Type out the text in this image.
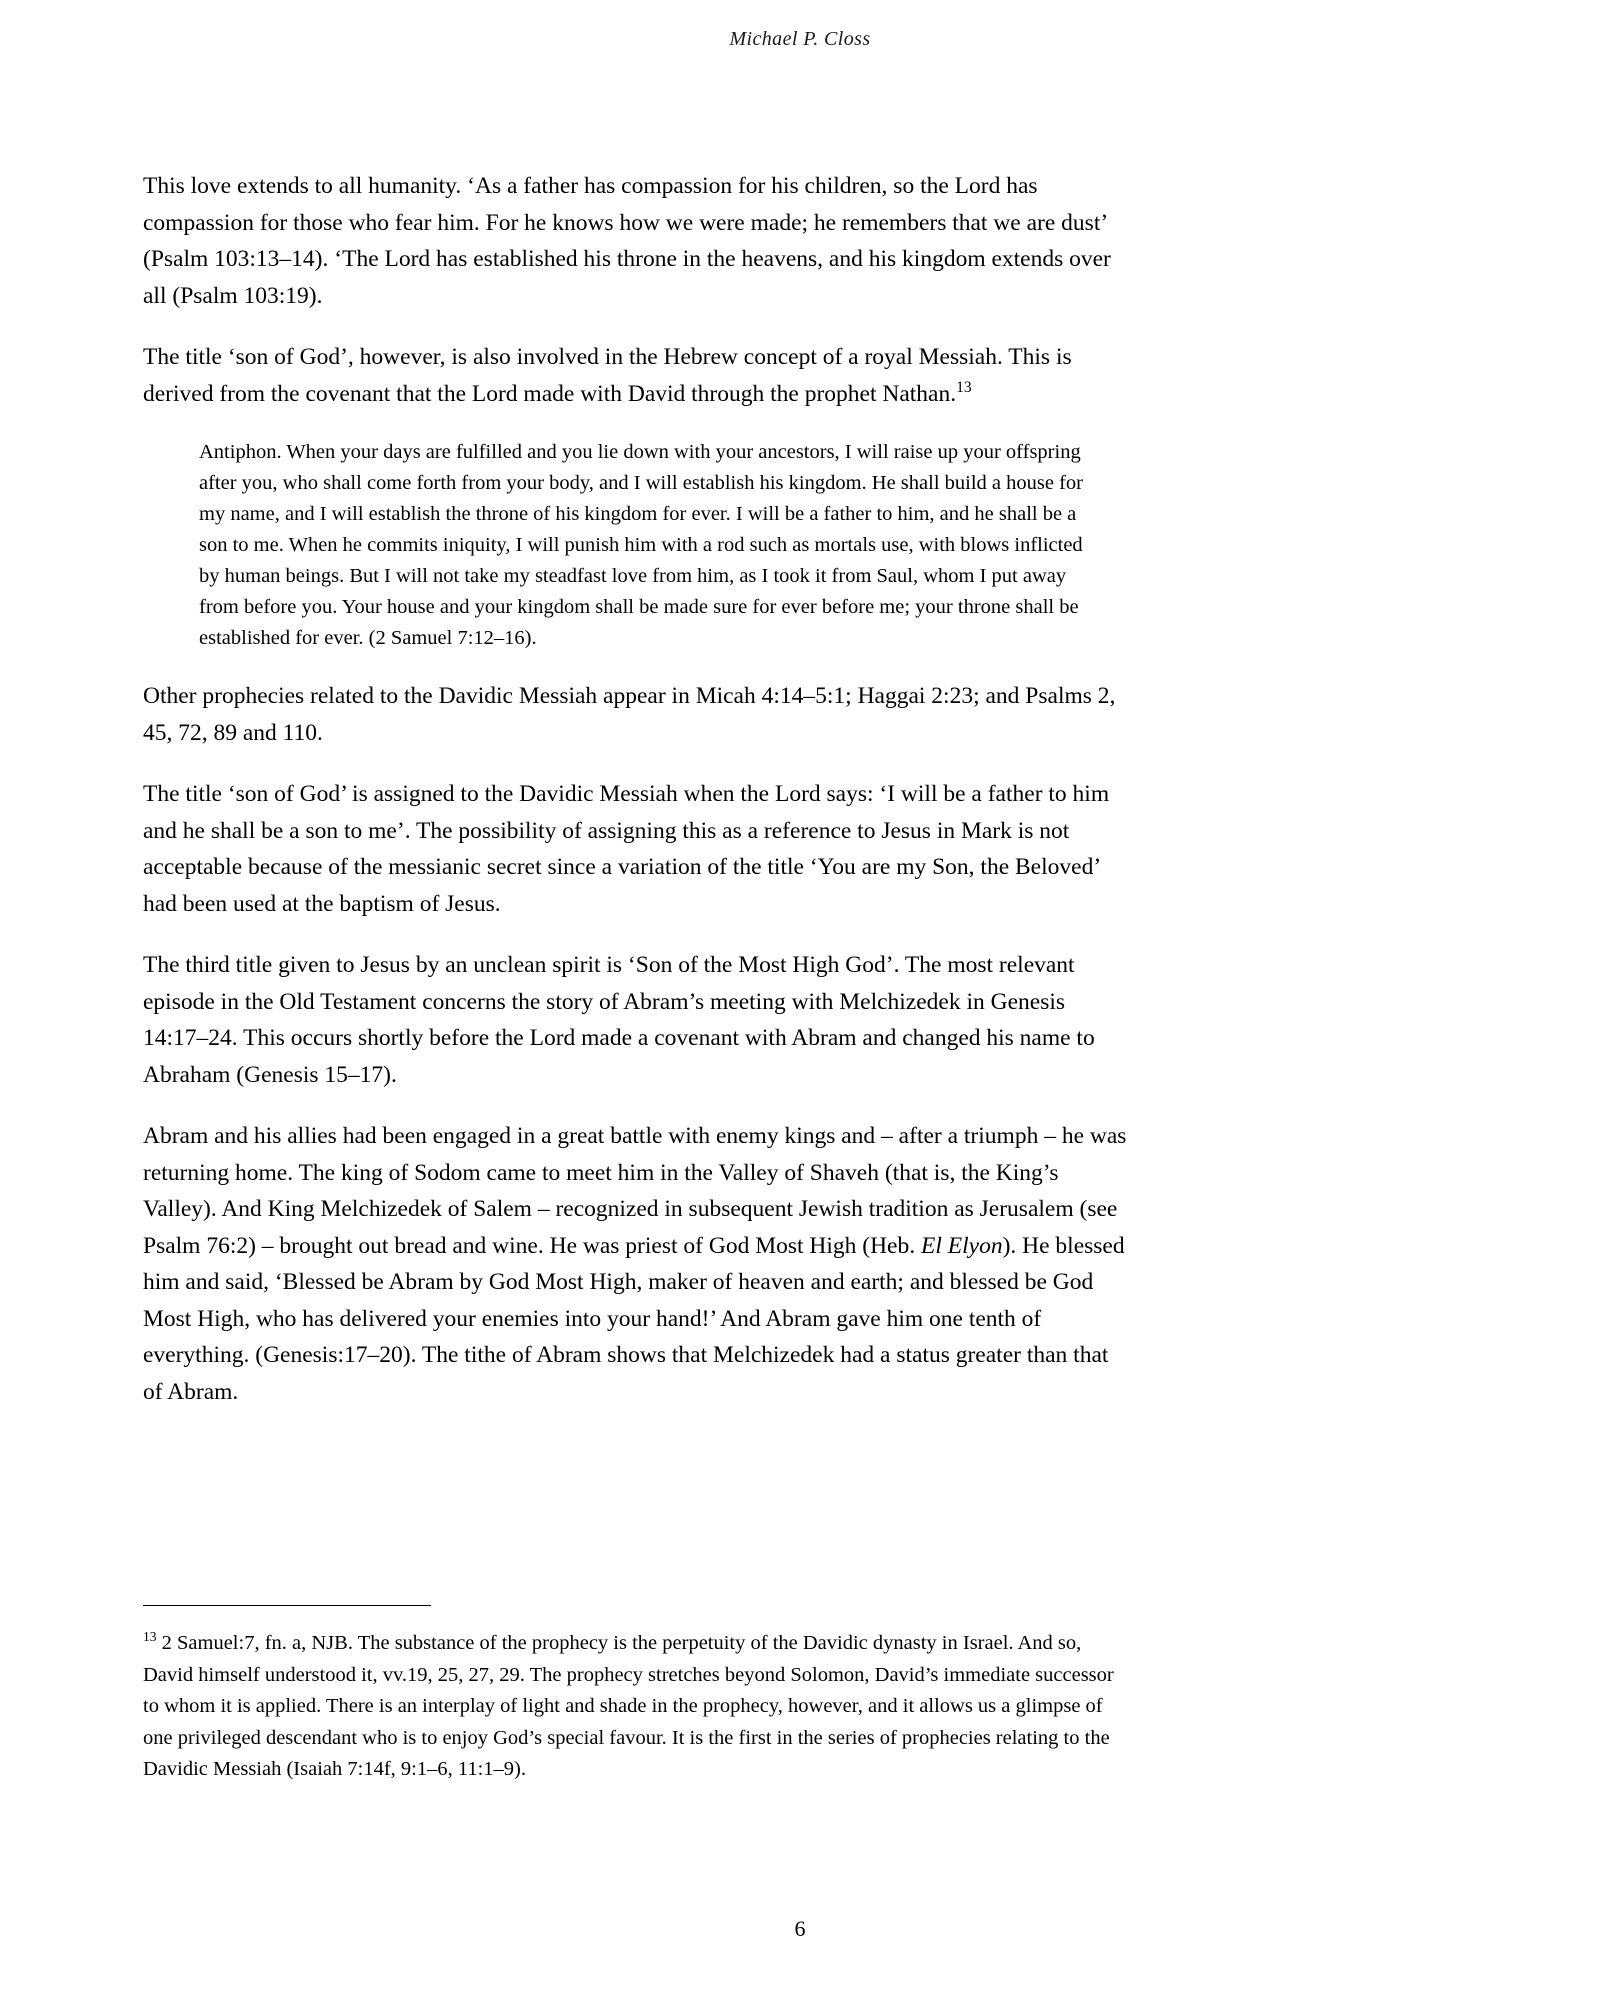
Michael P. Closs

This love extends to all humanity. ‘As a father has compassion for his children, so the Lord has compassion for those who fear him. For he knows how we were made; he remembers that we are dust’ (Psalm 103:13–14). ‘The Lord has established his throne in the heavens, and his kingdom extends over all (Psalm 103:19).

The title ‘son of God’, however, is also involved in the Hebrew concept of a royal Messiah. This is derived from the covenant that the Lord made with David through the prophet Nathan.$^{13}$

Antiphon. When your days are fulfilled and you lie down with your ancestors, I will raise up your offspring after you, who shall come forth from your body, and I will establish his kingdom. He shall build a house for my name, and I will establish the throne of his kingdom for ever. I will be a father to him, and he shall be a son to me. When he commits iniquity, I will punish him with a rod such as mortals use, with blows inflicted by human beings. But I will not take my steadfast love from him, as I took it from Saul, whom I put away from before you. Your house and your kingdom shall be made sure for ever before me; your throne shall be established for ever. (2 Samuel 7:12–16).

Other prophecies related to the Davidic Messiah appear in Micah 4:14–5:1; Haggai 2:23; and Psalms 2, 45, 72, 89 and 110.

The title ‘son of God’ is assigned to the Davidic Messiah when the Lord says: ‘I will be a father to him and he shall be a son to me’. The possibility of assigning this as a reference to Jesus in Mark is not acceptable because of the messianic secret since a variation of the title ‘You are my Son, the Beloved’ had been used at the baptism of Jesus.

The third title given to Jesus by an unclean spirit is ‘Son of the Most High God’. The most relevant episode in the Old Testament concerns the story of Abram’s meeting with Melchizedek in Genesis 14:17–24. This occurs shortly before the Lord made a covenant with Abram and changed his name to Abraham (Genesis 15–17).

Abram and his allies had been engaged in a great battle with enemy kings and – after a triumph – he was returning home. The king of Sodom came to meet him in the Valley of Shaveh (that is, the King’s Valley). And King Melchizedek of Salem – recognized in subsequent Jewish tradition as Jerusalem (see Psalm 76:2) – brought out bread and wine. He was priest of God Most High (Heb. El Elyon). He blessed him and said, ‘Blessed be Abram by God Most High, maker of heaven and earth; and blessed be God Most High, who has delivered your enemies into your hand!’ And Abram gave him one tenth of everything. (Genesis:17–20). The tithe of Abram shows that Melchizedek had a status greater than that of Abram.

$^{13}$ 2 Samuel:7, fn. a, NJB. The substance of the prophecy is the perpetuity of the Davidic dynasty in Israel. And so, David himself understood it, vv.19, 25, 27, 29. The prophecy stretches beyond Solomon, David’s immediate successor to whom it is applied. There is an interplay of light and shade in the prophecy, however, and it allows us a glimpse of one privileged descendant who is to enjoy God’s special favour. It is the first in the series of prophecies relating to the Davidic Messiah (Isaiah 7:14f, 9:1–6, 11:1–9).

6
